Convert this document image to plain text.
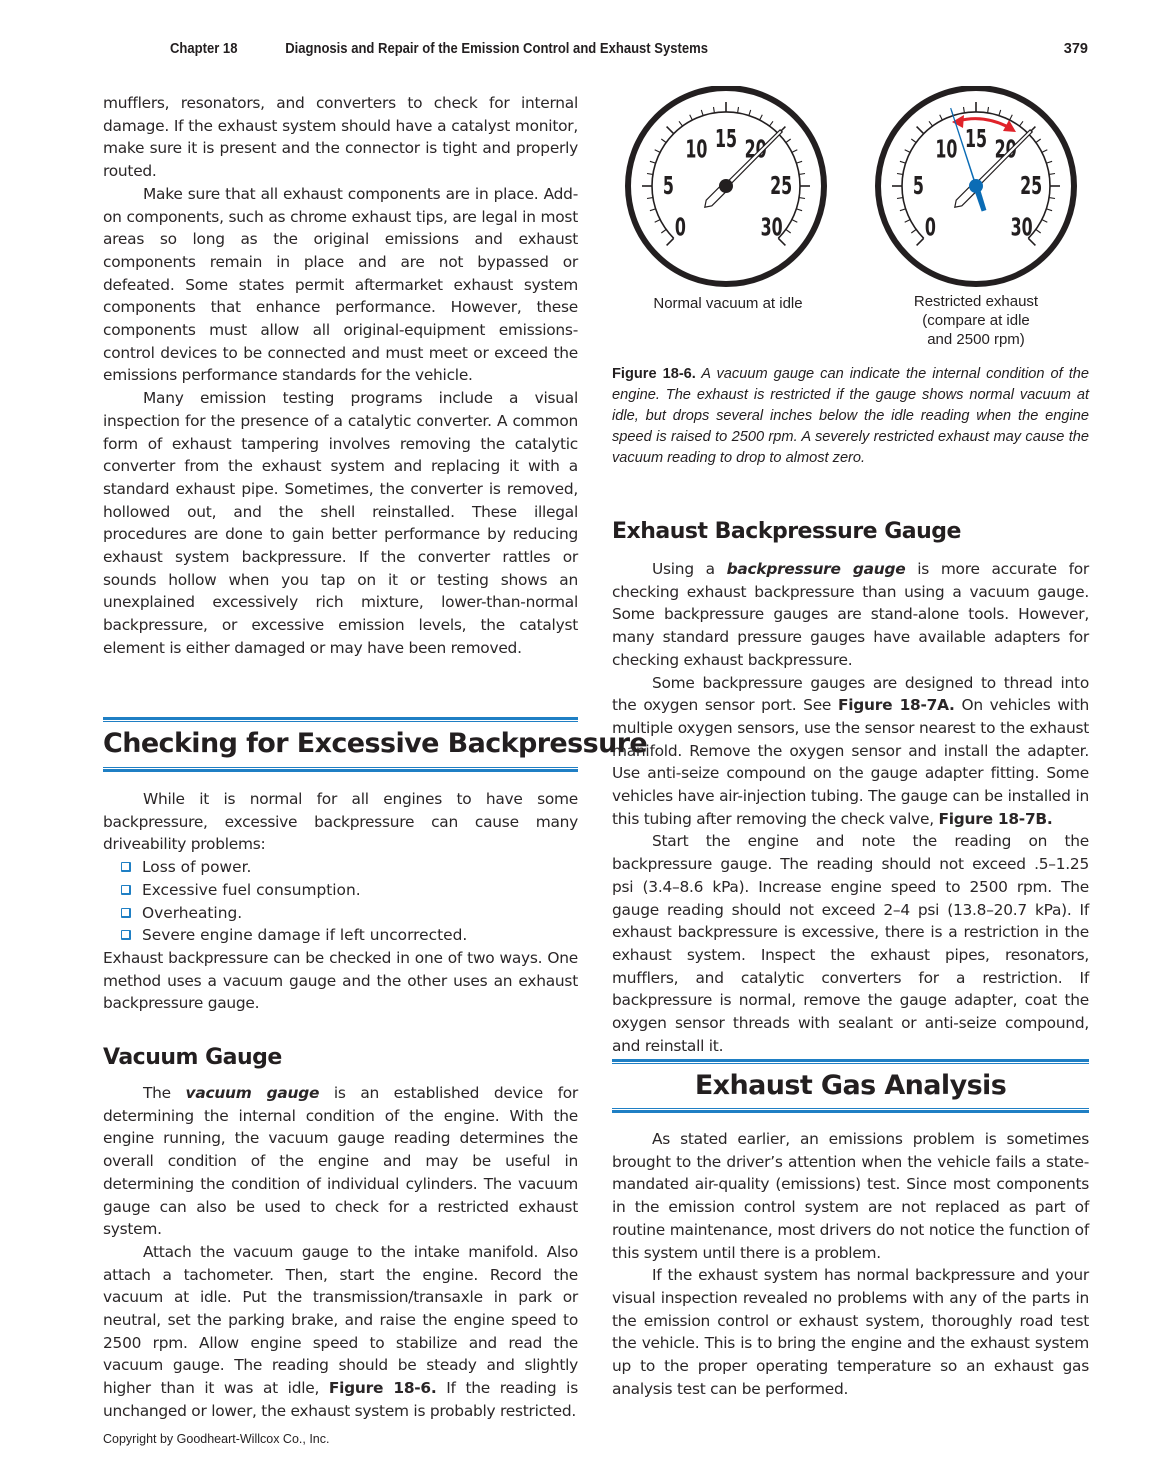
Chapter 18	Diagnosis and Repair of the Emission Control and Exhaust Systems	379

mufflers, resonators, and converters to check for internal damage. If the exhaust system should have a catalyst monitor, make sure it is present and the connector is tight and properly routed.

Make sure that all exhaust components are in place. Add-on components, such as chrome exhaust tips, are legal in most areas so long as the original emissions and exhaust components remain in place and are not bypassed or defeated. Some states permit aftermarket exhaust system components that enhance performance. However, these components must allow all original-equipment emissions-control devices to be connected and must meet or exceed the emissions performance standards for the vehicle.

Many emission testing programs include a visual inspection for the presence of a catalytic converter. A common form of exhaust tampering involves removing the catalytic converter from the exhaust system and replacing it with a standard exhaust pipe. Sometimes, the converter is removed, hollowed out, and the shell reinstalled. These illegal procedures are done to gain better performance by reducing exhaust system backpressure. If the converter rattles or sounds hollow when you tap on it or testing shows an unexplained excessively rich mixture, lower-than-normal backpressure, or excessive emission levels, the catalyst element is either damaged or may have been removed.

Checking for Excessive Backpressure

While it is normal for all engines to have some backpressure, excessive backpressure can cause many driveability problems:

Loss of power.
Excessive fuel consumption.
Overheating.
Severe engine damage if left uncorrected.

Exhaust backpressure can be checked in one of two ways. One method uses a vacuum gauge and the other uses an exhaust backpressure gauge.

Vacuum Gauge

The vacuum gauge is an established device for determining the internal condition of the engine. With the engine running, the vacuum gauge reading determines the overall condition of the engine and may be useful in determining the condition of individual cylinders. The vacuum gauge can also be used to check for a restricted exhaust system.

Attach the vacuum gauge to the intake manifold. Also attach a tachometer. Then, start the engine. Record the vacuum at idle. Put the transmission/transaxle in park or neutral, set the parking brake, and raise the engine speed to 2500 rpm. Allow engine speed to stabilize and read the vacuum gauge. The reading should be steady and slightly higher than it was at idle, Figure 18-6. If the reading is unchanged or lower, the exhaust system is probably restricted.

0
5
10 15 20
25
30	0
5
10 15 20
25
30
Normal vacuum at idle	Restricted exhaust
(compare at idle
and 2500 rpm)
Figure 18-6. A vacuum gauge can indicate the internal condition of the engine. The exhaust is restricted if the gauge shows normal vacuum at idle, but drops several inches below the idle reading when the engine speed is raised to 2500 rpm. A severely restricted exhaust may cause the vacuum reading to drop to almost zero.
Exhaust Backpressure Gauge

Using a backpressure gauge is more accurate for checking exhaust backpressure than using a vacuum gauge. Some backpressure gauges are stand-alone tools. However, many standard pressure gauges have available adapters for checking exhaust backpressure.

Some backpressure gauges are designed to thread into the oxygen sensor port. See Figure 18-7A. On vehicles with multiple oxygen sensors, use the sensor nearest to the exhaust manifold. Remove the oxygen sensor and install the adapter. Use anti-seize compound on the gauge adapter fitting. Some vehicles have air-injection tubing. The gauge can be installed in this tubing after removing the check valve, Figure 18-7B.

Start the engine and note the reading on the backpressure gauge. The reading should not exceed .5–1.25 psi (3.4–8.6 kPa). Increase engine speed to 2500 rpm. The gauge reading should not exceed 2–4 psi (13.8–20.7 kPa). If exhaust backpressure is excessive, there is a restriction in the exhaust system. Inspect the exhaust pipes, resonators, mufflers, and catalytic converters for a restriction. If backpressure is normal, remove the gauge adapter, coat the oxygen sensor threads with sealant or anti-seize compound, and reinstall it.

Exhaust Gas Analysis

As stated earlier, an emissions problem is sometimes brought to the driver’s attention when the vehicle fails a state-mandated air-quality (emissions) test. Since most components in the emission control system are not replaced as part of routine maintenance, most drivers do not notice the function of this system until there is a problem.

If the exhaust system has normal backpressure and your visual inspection revealed no problems with any of the parts in the emission control or exhaust system, thoroughly road test the vehicle. This is to bring the engine and the exhaust system up to the proper operating temperature so an exhaust gas analysis test can be performed.

Copyright by Goodheart-Willcox Co., Inc.
